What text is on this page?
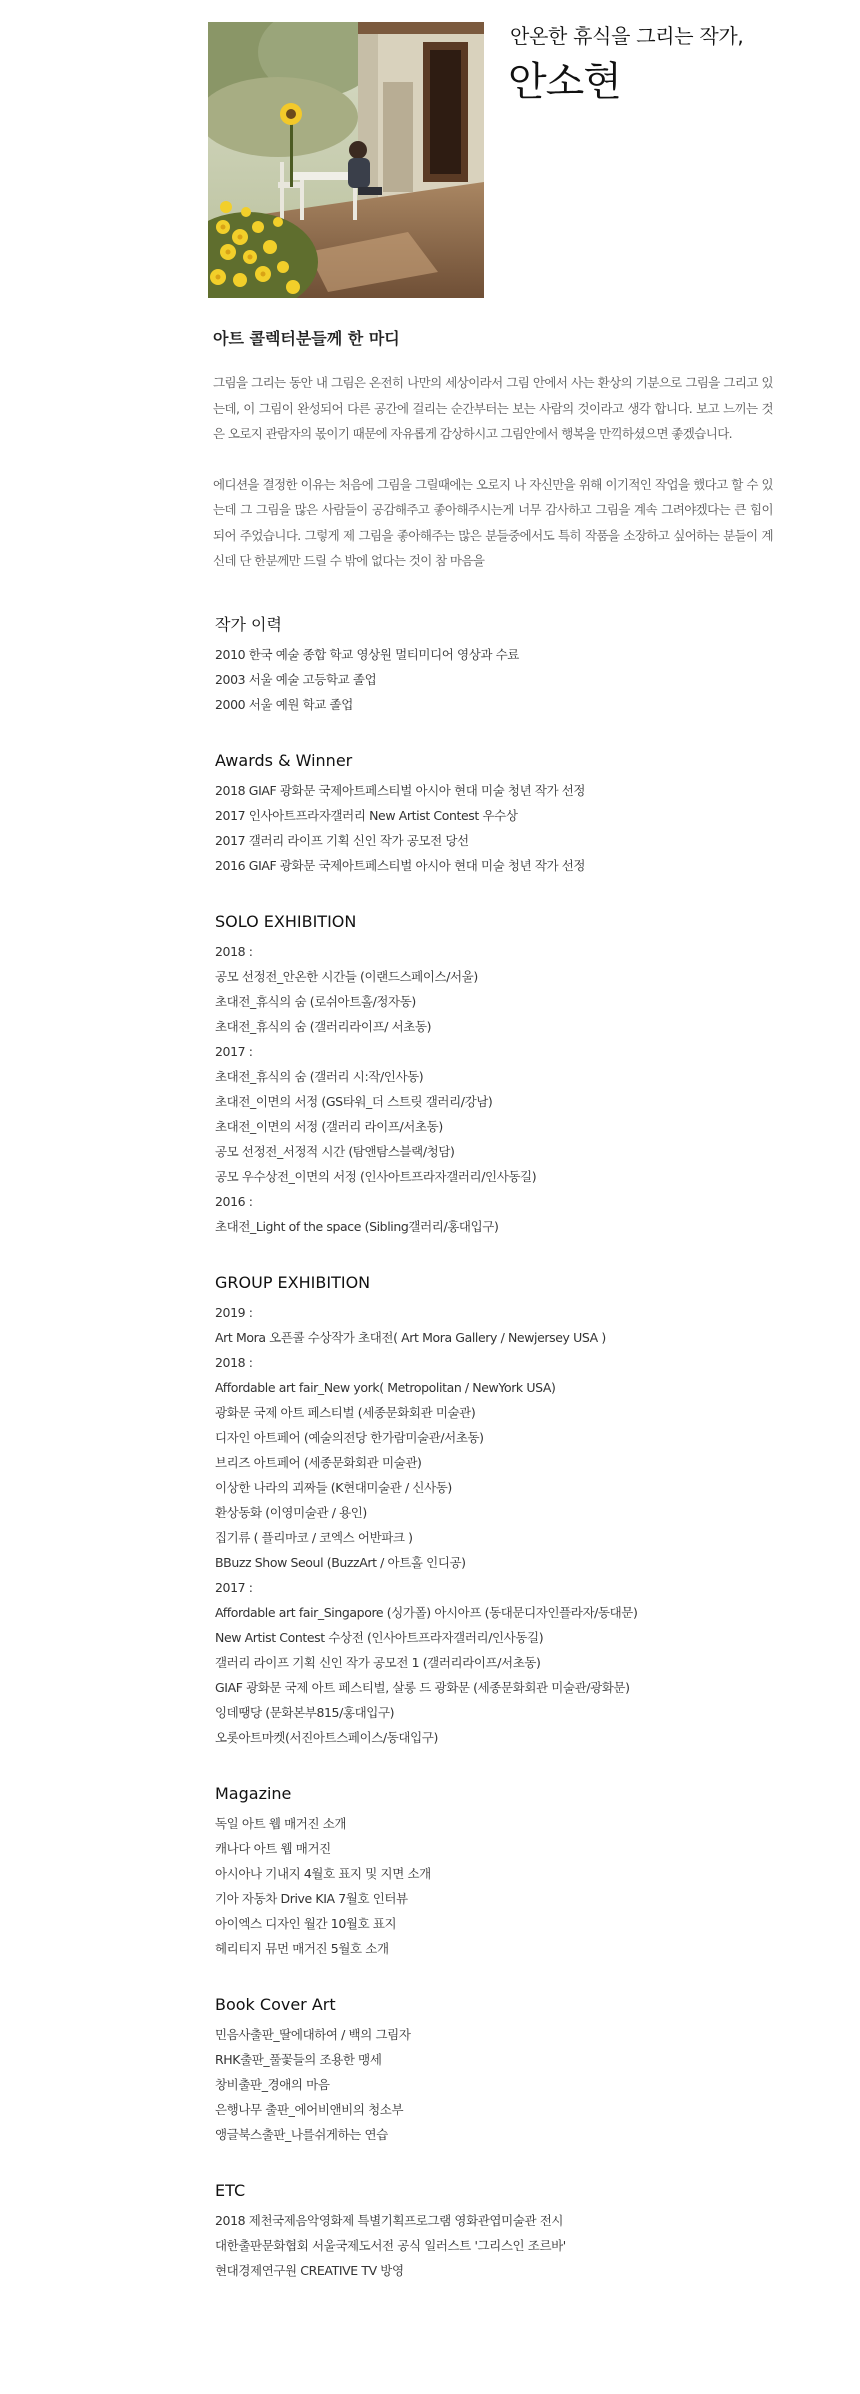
안온한 휴식을 그리는 작가,
안소현
아트 콜렉터분들께 한 마디

그림을 그리는 동안 내 그림은 온전히 나만의 세상이라서 그림 안에서 사는 환상의 기분으로 그림을 그리고 있는데, 이 그림이 완성되어 다른 공간에 걸리는 순간부터는 보는 사람의 것이라고 생각 합니다. 보고 느끼는 것은 오로지 관람자의 몫이기 때문에 자유롭게 감상하시고 그림안에서 행복을 만끽하셨으면 좋겠습니다.

에디션을 결정한 이유는 처음에 그림을 그릴때에는 오로지 나 자신만을 위해 이기적인 작업을 했다고 할 수 있는데 그 그림을 많은 사람들이 공감해주고 좋아해주시는게 너무 감사하고 그림을 계속 그려야겠다는 큰 힘이 되어 주었습니다. 그렇게 제 그림을 좋아해주는 많은 분들중에서도 특히 작품을 소장하고 싶어하는 분들이 계신데 단 한분께만 드릴 수 밖에 없다는 것이 참 마음을

작가 이력
2010 한국 예술 종합 학교 영상원 멀티미디어 영상과 수료
2003 서울 예술 고등학교 졸업
2000 서울 예원 학교 졸업
Awards & Winner
2018 GIAF 광화문 국제아트페스티벌 아시아 현대 미술 청년 작가 선정
2017 인사아트프라자갤러리 New Artist Contest 우수상
2017 갤러리 라이프 기획 신인 작가 공모전 당선
2016 GIAF 광화문 국제아트페스티벌 아시아 현대 미술 청년 작가 선정
SOLO EXHIBITION
2018 :
공모 선정전_안온한 시간들 (이랜드스페이스/서울)
초대전_휴식의 숨 (로쉬아트홀/정자동)
초대전_휴식의 숨 (갤러리라이프/ 서초동)
2017 :
초대전_휴식의 숨 (갤러리 시:작/인사동)
초대전_이면의 서정 (GS타워_더 스트릿 갤러리/강남)
초대전_이면의 서정 (갤러리 라이프/서초동)
공모 선정전_서정적 시간 (탐앤탐스블랙/청담)
공모 우수상전_이면의 서정 (인사아트프라자갤러리/인사동길)
2016 :
초대전_Light of the space (Sibling갤러리/홍대입구)
GROUP EXHIBITION
2019 :
Art Mora 오픈콜 수상작가 초대전( Art Mora Gallery / Newjersey USA )
2018 :
Affordable art fair_New york( Metropolitan / NewYork USA)
광화문 국제 아트 페스티벌 (세종문화회관 미술관)
디자인 아트페어 (예술의전당 한가람미술관/서초동)
브리즈 아트페어 (세종문화회관 미술관)
이상한 나라의 괴짜들 (K현대미술관 / 신사동)
환상동화 (이영미술관 / 용인)
집기류 ( 플리마코 / 코엑스 어반파크 )
BBuzz Show Seoul (BuzzArt / 아트홀 인디공)
2017 :
Affordable art fair_Singapore (싱가폴) 아시아프 (동대문디자인플라자/동대문)
New Artist Contest 수상전 (인사아트프라자갤러리/인사동길)
갤러리 라이프 기획 신인 작가 공모전 1 (갤러리라이프/서초동)
GIAF 광화문 국제 아트 페스티벌, 살롱 드 광화문 (세종문화회관 미술관/광화문)
잉데땡당 (문화본부815/홍대입구)
오롯아트마켓(서진아트스페이스/동대입구)
Magazine
독일 아트 웹 매거진 소개
캐나다 아트 웹 매거진
아시아나 기내지 4월호 표지 및 지면 소개
기아 자동차 Drive KIA 7월호 인터뷰
아이엑스 디자인 월간 10월호 표지
헤리티지 뮤먼 매거진 5월호 소개
Book Cover Art
민음사출판_딸에대하여 / 백의 그림자
RHK출판_풀꽃들의 조용한 맹세
창비출판_경애의 마음
은행나무 출판_에어비앤비의 청소부
앵글북스출판_나를쉬게하는 연습
ETC
2018 제천국제음악영화제 특별기획프로그램 영화관엽미술관 전시
대한출판문화협회 서울국제도서전 공식 일러스트 '그리스인 조르바'
현대경제연구원 CREATIVE TV 방영
